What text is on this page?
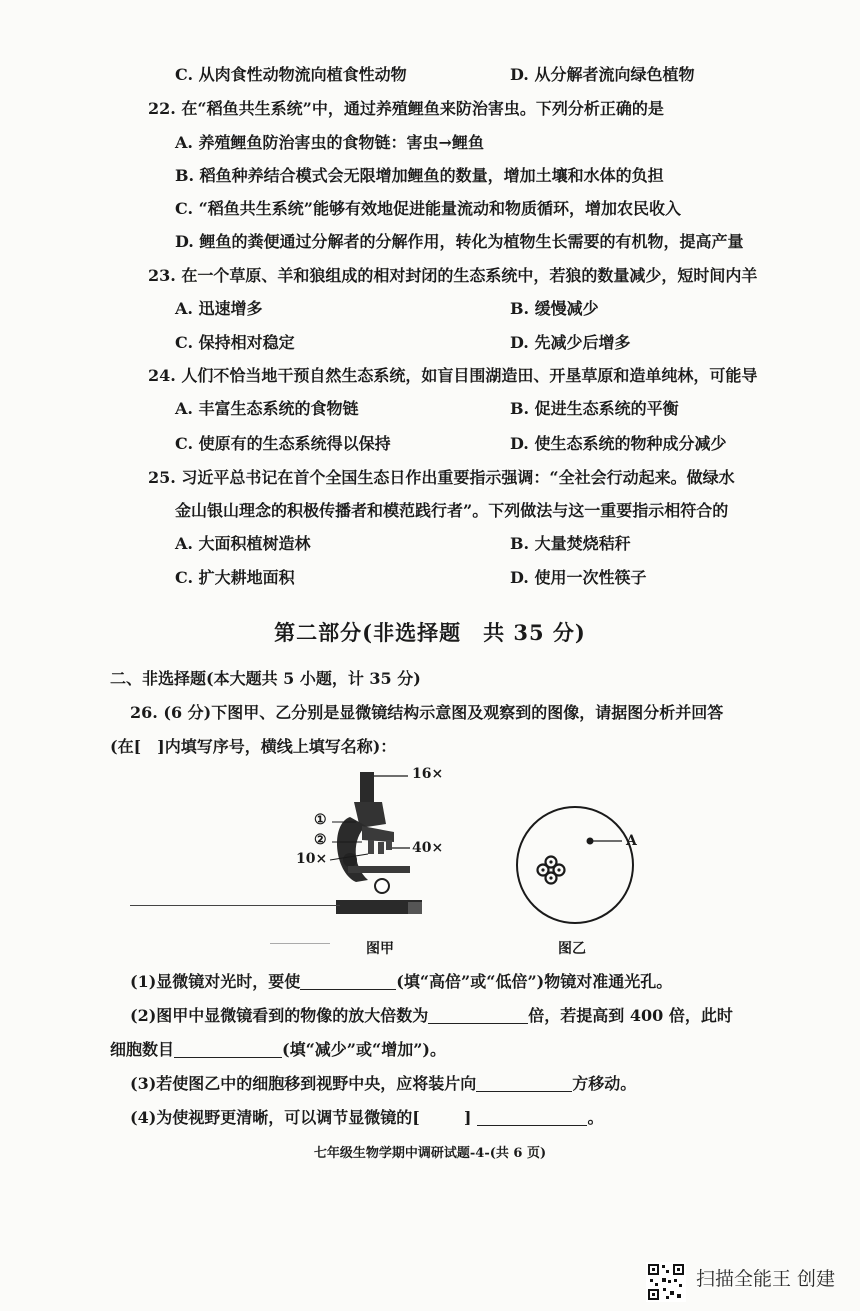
C. 从肉食性动物流向植食性动物	D. 从分解者流向绿色植物
22. 在“稻鱼共生系统”中，通过养殖鲤鱼来防治害虫。下列分析正确的是
A. 养殖鲤鱼防治害虫的食物链：害虫→鲤鱼
B. 稻鱼种养结合模式会无限增加鲤鱼的数量，增加土壤和水体的负担
C. “稻鱼共生系统”能够有效地促进能量流动和物质循环，增加农民收入
D. 鲤鱼的粪便通过分解者的分解作用，转化为植物生长需要的有机物，提高产量
23. 在一个草原、羊和狼组成的相对封闭的生态系统中，若狼的数量减少，短时间内羊
A. 迅速增多	B. 缓慢减少
C. 保持相对稳定	D. 先减少后增多
24. 人们不恰当地干预自然生态系统，如盲目围湖造田、开垦草原和造单纯林，可能导
A. 丰富生态系统的食物链	B. 促进生态系统的平衡
C. 使原有的生态系统得以保持	D. 使生态系统的物种成分减少
25. 习近平总书记在首个全国生态日作出重要指示强调：“全社会行动起来。做绿水
金山银山理念的积极传播者和模范践行者”。下列做法与这一重要指示相符合的
A. 大面积植树造林	B. 大量焚烧秸秆
C. 扩大耕地面积	D. 使用一次性筷子
第二部分(非选择题　共 35 分)
二、非选择题(本大题共 5 小题，计 35 分)
26. (6 分)下图甲、乙分别是显微镜结构示意图及观察到的图像，请据图分析并回答
(在[　]内填写序号，横线上填写名称)：
16×
40×
10×
①
②
图甲
A
图乙
(1)显微镜对光时，要使	(填“高倍”或“低倍”)物镜对准通光孔。
(2)图甲中显微镜看到的物像的放大倍数为	倍，若提高到 400 倍，此时
细胞数目	(填“减少”或“增加”)。
(3)若使图乙中的细胞移到视野中央，应将装片向	方移动。
(4)为使视野更清晰，可以调节显微镜的[	]	。
七年级生物学期中调研试题-4-(共 6 页)
扫描全能王 创建
